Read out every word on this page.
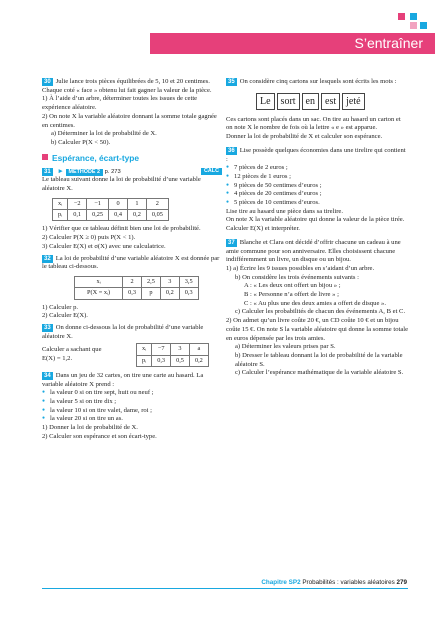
S’entraîner

30 Julie lance trois pièces équilibrées de 5, 10 et 20 centimes. Chaque coté « face » obtenu lui fait gagner la valeur de la pièce.

1) À l’aide d’un arbre, déterminer toutes les issues de cette expérience aléatoire.

2) On note X la variable aléatoire donnant la somme totale gagnée en centimes.

a) Déterminer la loi de probabilité de X.

b) Calculer P(X < 50).

Espérance, écart-type

31 ► MÉTHODE 2 p. 273	CALC

Le tableau suivant donne la loi de probabilité d’une variable aléatoire X.

xᵢ	−2	−1	0	1	2
pᵢ	0,1	0,25	0,4	0,2	0,05

1) Vérifier que ce tableau définit bien une loi de probabilité.

2) Calculer P(X ≥ 0) puis P(X < 1).

3) Calculer E(X) et σ(X) avec une calculatrice.

32 La loi de probabilité d’une variable aléatoire X est donnée par le tableau ci-dessous.

xᵢ	2	2,5	3	3,5
P(X = xᵢ)	0,3	p	0,2	0,3

1) Calculer p.

2) Calculer E(X).

33 On donne ci-dessous la loi de probabilité d’une variable aléatoire X.

Calculer a sachant que

E(X) = 1,2.

xᵢ	−7	3	a
pᵢ	0,3	0,5	0,2

34 Dans un jeu de 32 cartes, on tire une carte au hasard. La variable aléatoire X prend :

● la valeur 0 si on tire sept, huit ou neuf ;

● la valeur 5 si on tire dix ;

● la valeur 10 si on tire valet, dame, roi ;

● la valeur 20 si on tire un as.

1) Donner la loi de probabilité de X.

2) Calculer son espérance et son écart-type.

35 On considère cinq cartons sur lesquels sont écrits les mots :

Le	sort	en	est	jeté

Ces cartons sont placés dans un sac. On tire au hasard un carton et on note X le nombre de fois où la lettre « e » est apparue.

Donner la loi de probabilité de X et calculer son espérance.

36 Lise possède quelques économies dans une tirelire qui contient :

● 7 pièces de 2 euros ;

● 12 pièces de 1 euros ;

● 9 pièces de 50 centimes d’euros ;

● 4 pièces de 20 centimes d’euros ;

● 5 pièces de 10 centimes d’euros.

Lise tire au hasard une pièce dans sa tirelire.

On note X la variable aléatoire qui donne la valeur de la pièce tirée.

Calculer E(X) et interpréter.

37 Blanche et Clara ont décidé d’offrir chacune un cadeau à une amie commune pour son anniversaire. Elles choisissent chacune indifféremment un livre, un disque ou un bijou.

1) a) Écrire les 9 issues possibles en s’aidant d’un arbre.

b) On considère les trois événements suivants :

A : « Les deux ont offert un bijou » ;

B : « Personne n’a offert de livre » ;

C : « Au plus une des deux amies a offert de disque ».

c) Calculer les probabilités de chacun des événements A, B et C.

2) On admet qu’un livre coûte 20 €, un CD coûte 10 € et un bijou coûte 15 €. On note S la variable aléatoire qui donne la somme totale en euros dépensée par les trois amies.

a) Déterminer les valeurs prises par S.

b) Dresser le tableau donnant la loi de probabilité de la variable aléatoire S.

c) Calculer l’espérance mathématique de la variable aléatoire S.

Chapitre SP2 Probabilités : variables aléatoires 279
